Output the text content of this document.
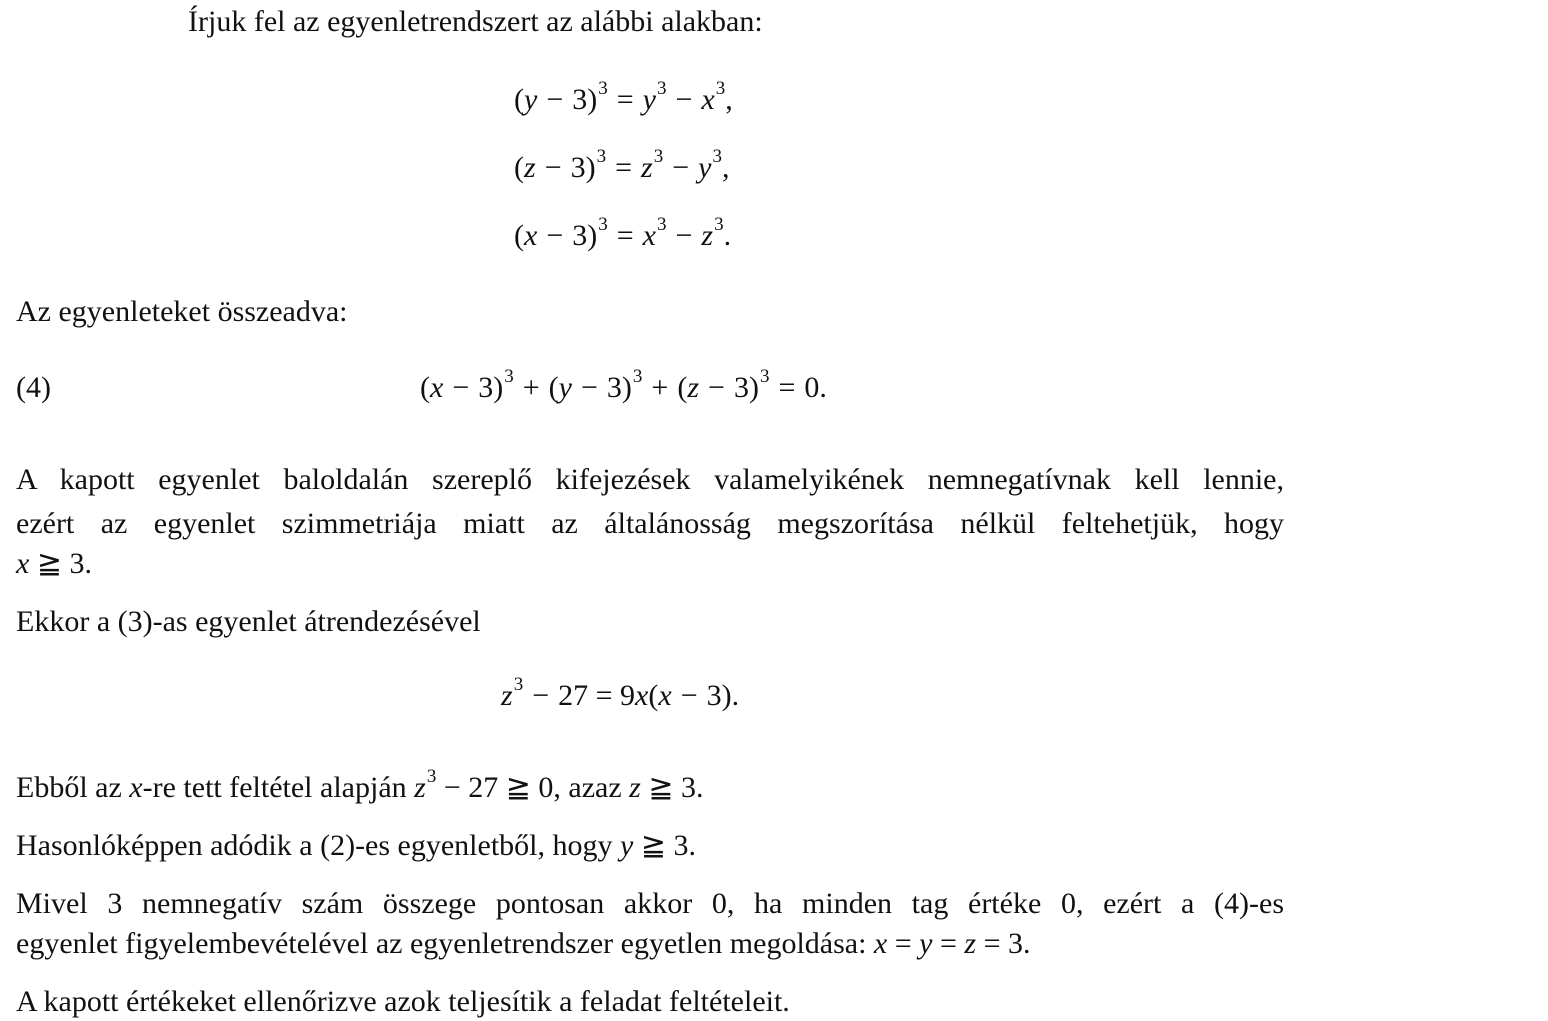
Írjuk fel az egyenletrendszert az alábbi alakban:
$(y - 3)^3 = y^3 - x^3$,
$(z - 3)^3 = z^3 - y^3$,
$(x - 3)^3 = x^3 - z^3$.
Az egyenleteket összeadva:
(4)	$(x - 3)^3 + (y - 3)^3 + (z - 3)^3 = 0$.
A kapott egyenlet baloldalán szereplő kifejezések valamelyikének nemnegatívnak kell lennie,
ezért az egyenlet szimmetriája miatt az általánosság megszorítása nélkül feltehetjük, hogy
x ≧ 3.
Ekkor a (3)-as egyenlet átrendezésével
$z^3 - 27 = 9x(x - 3)$.
Ebből az x-re tett feltétel alapján $z^3 - 27$ ≧ 0, azaz z ≧ 3.
Hasonlóképpen adódik a (2)-es egyenletből, hogy y ≧ 3.
Mivel 3 nemnegatív szám összege pontosan akkor 0, ha minden tag értéke 0, ezért a (4)-es
egyenlet figyelembevételével az egyenletrendszer egyetlen megoldása: x = y = z = 3.
A kapott értékeket ellenőrizve azok teljesítik a feladat feltételeit.
